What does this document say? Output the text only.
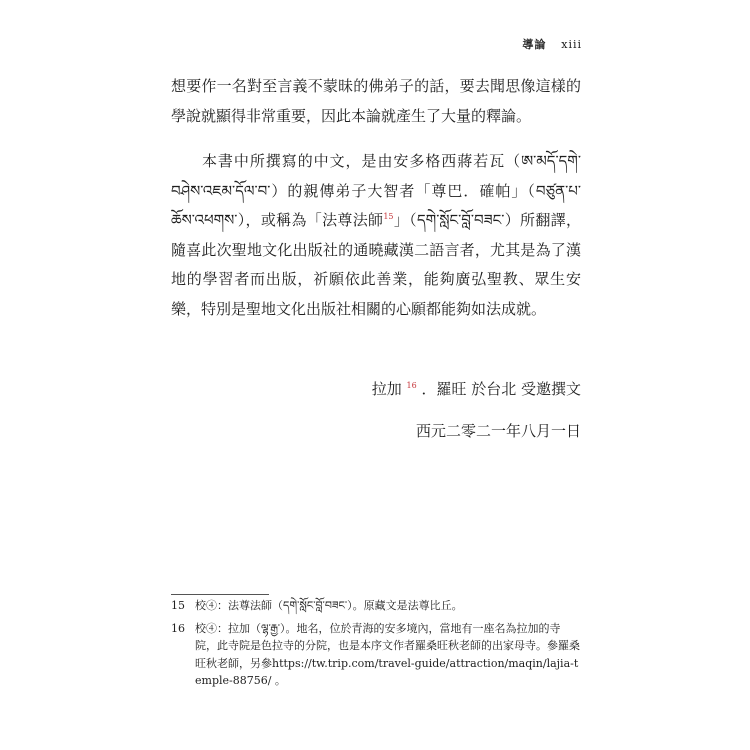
導論 xiii
想要作一名對至言義不蒙昧的佛弟子的話，要去聞思像這樣的學說就顯得非常重要，因此本論就產生了大量的釋論。
本書中所撰寫的中文，是由安多格西蔣若瓦（ཨ་མདོ་དགེ་བཤེས་འཇམ་དོལ་བ་）的親傳弟子大智者「尊巴．確帕」（བཙུན་པ་ཆོས་འཕགས་），或稱為「法尊法師$^{15}$」（དགེ་སློང་བློ་བཟང་）所翻譯，隨喜此次聖地文化出版社的通曉藏漢二語言者，尤其是為了漢地的學習者而出版，祈願依此善業，能夠廣弘聖教、眾生安樂，特別是聖地文化出版社相關的心願都能夠如法成就。
拉加 $^{16}$ ．羅旺 於台北 受邀撰文
西元二零二一年八月一日
15 校④：法尊法師（དགེ་སློང་བློ་བཟང་）。原藏文是法尊比丘。
16 校④：拉加（ལྷ་རྒྱ་）。地名，位於青海的安多境內，當地有一座名為拉加的寺院，此寺院是色拉寺的分院，也是本序文作者羅桑旺秋老師的出家母寺。參羅桑旺秋老師，另參https://tw.trip.com/travel-guide/attraction/maqin/lajia-temple-88756/ 。
